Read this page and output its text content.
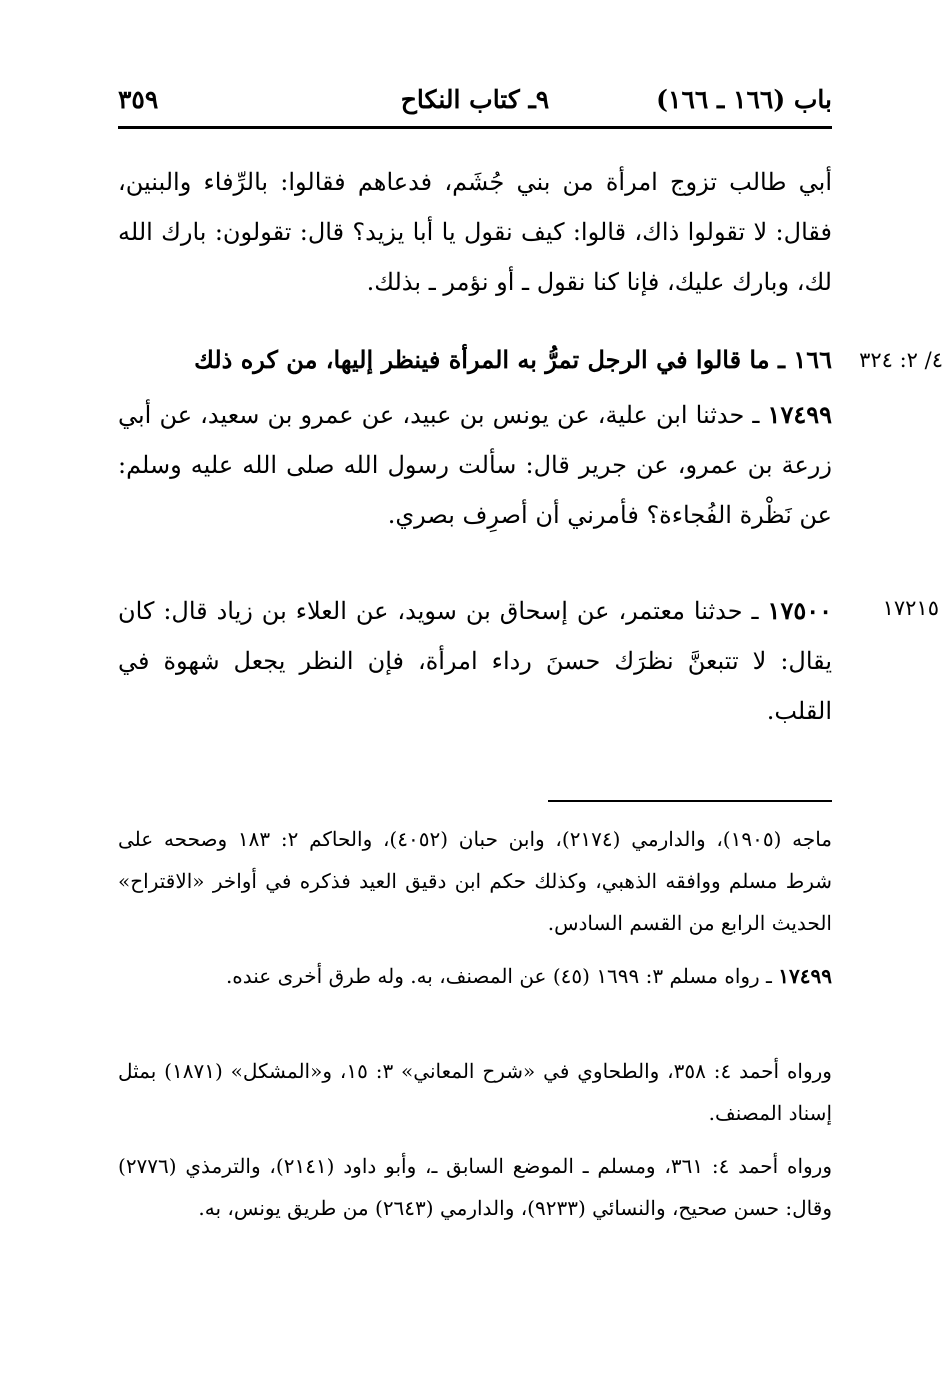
باب (١٦٦ ـ ١٦٦)
٩ـ كتاب النكاح
٣٥٩
أبي طالب تزوج امرأة من بني جُشَم، فدعاهم فقالوا: بالرِّفاء والبنين، فقال: لا تقولوا ذاك، قالوا: كيف نقول يا أبا يزيد؟ قال: تقولون: بارك الله لك، وبارك عليك، فإنا كنا نقول ـ أو نؤمر ـ بذلك.
٤/ ٢: ٣٢٤
١٦٦ ـ ما قالوا في الرجل تمرُّ به المرأة فينظر إليها، من كره ذلك
١٧٤٩٩ ـ حدثنا ابن علية، عن يونس بن عبيد، عن عمرو بن سعيد، عن أبي زرعة بن عمرو، عن جرير قال: سألت رسول الله صلى الله عليه وسلم: عن نَظْرة الفُجاءة؟ فأمرني أن أصرِف بصري.
١٧٢١٥
١٧٥٠٠ ـ حدثنا معتمر، عن إسحاق بن سويد، عن العلاء بن زياد قال: كان يقال: لا تتبعنَّ نظرَك حسنَ رداء امرأة، فإن النظر يجعل شهوة في القلب.
ماجه (١٩٠٥)، والدارمي (٢١٧٤)، وابن حبان (٤٠٥٢)، والحاكم ٢: ١٨٣ وصححه على شرط مسلم ووافقه الذهبي، وكذلك حكم ابن دقيق العيد فذكره في أواخر «الاقتراح» الحديث الرابع من القسم السادس.
١٧٤٩٩ ـ رواه مسلم ٣: ١٦٩٩ (٤٥) عن المصنف، به. وله طرق أخرى عنده.
ورواه أحمد ٤: ٣٥٨، والطحاوي في «شرح المعاني» ٣: ١٥، و«المشكل» (١٨٧١) بمثل إسناد المصنف.
ورواه أحمد ٤: ٣٦١، ومسلم ـ الموضع السابق ـ، وأبو داود (٢١٤١)، والترمذي (٢٧٧٦) وقال: حسن صحيح، والنسائي (٩٢٣٣)، والدارمي (٢٦٤٣) من طريق يونس، به.
